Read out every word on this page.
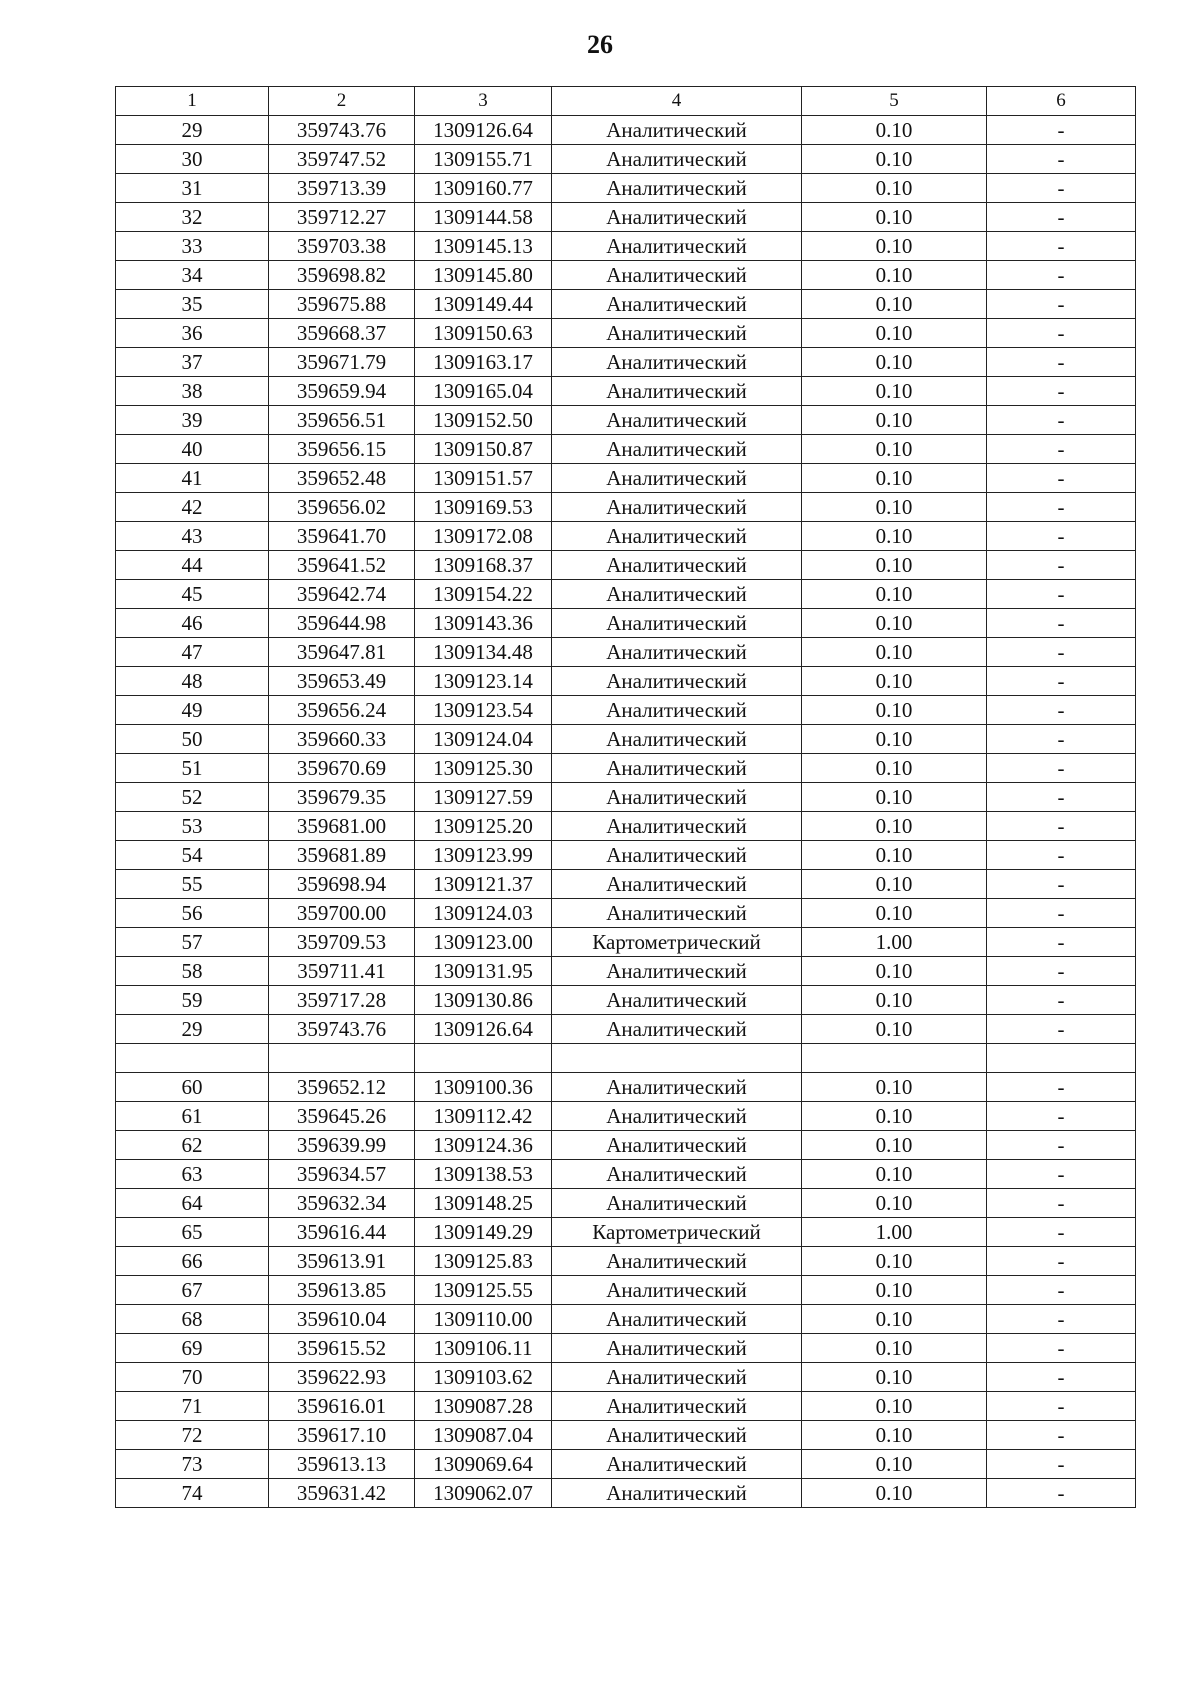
26
1	2	3	4	5	6
29	359743.76	1309126.64	Аналитический	0.10	-
30	359747.52	1309155.71	Аналитический	0.10	-
31	359713.39	1309160.77	Аналитический	0.10	-
32	359712.27	1309144.58	Аналитический	0.10	-
33	359703.38	1309145.13	Аналитический	0.10	-
34	359698.82	1309145.80	Аналитический	0.10	-
35	359675.88	1309149.44	Аналитический	0.10	-
36	359668.37	1309150.63	Аналитический	0.10	-
37	359671.79	1309163.17	Аналитический	0.10	-
38	359659.94	1309165.04	Аналитический	0.10	-
39	359656.51	1309152.50	Аналитический	0.10	-
40	359656.15	1309150.87	Аналитический	0.10	-
41	359652.48	1309151.57	Аналитический	0.10	-
42	359656.02	1309169.53	Аналитический	0.10	-
43	359641.70	1309172.08	Аналитический	0.10	-
44	359641.52	1309168.37	Аналитический	0.10	-
45	359642.74	1309154.22	Аналитический	0.10	-
46	359644.98	1309143.36	Аналитический	0.10	-
47	359647.81	1309134.48	Аналитический	0.10	-
48	359653.49	1309123.14	Аналитический	0.10	-
49	359656.24	1309123.54	Аналитический	0.10	-
50	359660.33	1309124.04	Аналитический	0.10	-
51	359670.69	1309125.30	Аналитический	0.10	-
52	359679.35	1309127.59	Аналитический	0.10	-
53	359681.00	1309125.20	Аналитический	0.10	-
54	359681.89	1309123.99	Аналитический	0.10	-
55	359698.94	1309121.37	Аналитический	0.10	-
56	359700.00	1309124.03	Аналитический	0.10	-
57	359709.53	1309123.00	Картометрический	1.00	-
58	359711.41	1309131.95	Аналитический	0.10	-
59	359717.28	1309130.86	Аналитический	0.10	-
29	359743.76	1309126.64	Аналитический	0.10	-

60	359652.12	1309100.36	Аналитический	0.10	-
61	359645.26	1309112.42	Аналитический	0.10	-
62	359639.99	1309124.36	Аналитический	0.10	-
63	359634.57	1309138.53	Аналитический	0.10	-
64	359632.34	1309148.25	Аналитический	0.10	-
65	359616.44	1309149.29	Картометрический	1.00	-
66	359613.91	1309125.83	Аналитический	0.10	-
67	359613.85	1309125.55	Аналитический	0.10	-
68	359610.04	1309110.00	Аналитический	0.10	-
69	359615.52	1309106.11	Аналитический	0.10	-
70	359622.93	1309103.62	Аналитический	0.10	-
71	359616.01	1309087.28	Аналитический	0.10	-
72	359617.10	1309087.04	Аналитический	0.10	-
73	359613.13	1309069.64	Аналитический	0.10	-
74	359631.42	1309062.07	Аналитический	0.10	-
